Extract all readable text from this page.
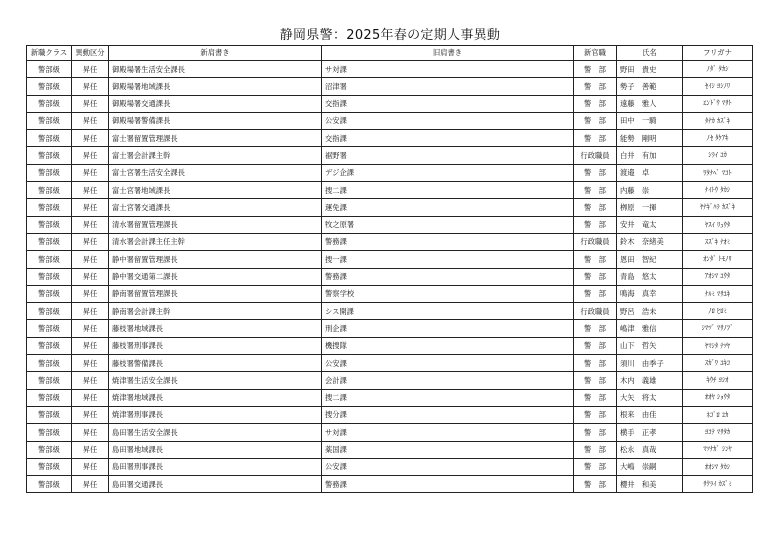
静岡県警：2025年春の定期人事異動
新職クラス	異動区分	新肩書き	旧肩書き	新官職	氏名	フリガナ
警部級	昇任	御殿場署生活安全課長	サ対課	警　部	野田　貴史	ﾉﾀﾞ ﾀｶｼ
警部級	昇任	御殿場署地域課長	沼津署	警　部	勢子　善範	ｾｲｼ ﾖｼﾉﾘ
警部級	昇任	御殿場署交通課長	交指課	警　部	遠藤　雅人	ｴﾝﾄﾞｳ ﾏｻﾄ
警部級	昇任	御殿場署警備課長	公安課	警　部	田中　一騎	ﾀﾅｶ ｶｽﾞｷ
警部級	昇任	富士署留置管理課長	交指課	警　部	能勢　剛明	ﾉｾ ﾀｹｱｷ
警部級	昇任	富士署会計課主幹	裾野署	行政職員	白井　有加	ｼﾗｲ ﾕｶ
警部級	昇任	富士宮署生活安全課長	デジ企課	警　部	渡邉　卓	ﾜﾀﾅﾍﾞ ﾏｺﾄ
警部級	昇任	富士宮署地域課長	捜二課	警　部	内藤　崇	ﾅｲﾄｳ ﾀｶｼ
警部級	昇任	富士宮署交通課長	運免課	警　部	栁原　一揮	ﾔﾅｷﾞﾊﾗ ｶｽﾞｷ
警部級	昇任	清水署留置管理課長	牧之原署	警　部	安井　竜太	ﾔｽｲ ﾘｭｳﾀ
警部級	昇任	清水署会計課主任主幹	警務課	行政職員	鈴木　奈緒美	ｽｽﾞｷ ﾅｵﾐ
警部級	昇任	静中署留置管理課長	捜一課	警　部	恩田　智紀	ｵﾝﾀﾞ ﾄﾓﾉﾘ
警部級	昇任	静中署交通第二課長	警務課	警　部	青島　悠太	ｱｵｼﾏ ﾕｳﾀ
警部級	昇任	静南署留置管理課長	警察学校	警　部	鳴海　真幸	ﾅﾙﾐ ﾏｻﾕｷ
警部級	昇任	静南署会計課主幹	シス開課	行政職員	野呂　浩未	ﾉﾛ ﾋﾛﾐ
警部級	昇任	藤枝署地域課長	刑企課	警　部	嶋津　雅信	ｼﾏﾂﾞ ﾏｻﾉﾌﾞ
警部級	昇任	藤枝署刑事課長	機捜隊	警　部	山下　哲矢	ﾔﾏｼﾀ ﾃﾂﾔ
警部級	昇任	藤枝署警備課長	公安課	警　部	須川　由季子	ｽｶﾞﾜ ﾕｷｺ
警部級	昇任	焼津署生活安全課長	会計課	警　部	木内　義雄	ｷｳﾁ ﾖｼｵ
警部級	昇任	焼津署地域課長	捜二課	警　部	大矢　将太	ｵｵﾔ ｼｮｳﾀ
警部級	昇任	焼津署刑事課長	捜分課	警　部	根来　由佳	ﾈｺﾞﾛ ﾕｶ
警部級	昇任	島田署生活安全課長	サ対課	警　部	横手　正孝	ﾖｺﾃ ﾏｻﾀｶ
警部級	昇任	島田署地域課長	薬国課	警　部	松永　真哉	ﾏﾂﾅｶﾞ ｼﾝﾔ
警部級	昇任	島田署刑事課長	公安課	警　部	大嶋　崇嗣	ｵｵｼﾏ ﾀｶｼ
警部級	昇任	島田署交通課長	警務課	警　部	櫻井　和美	ｻｸﾗｲ ｶｽﾞﾐ
